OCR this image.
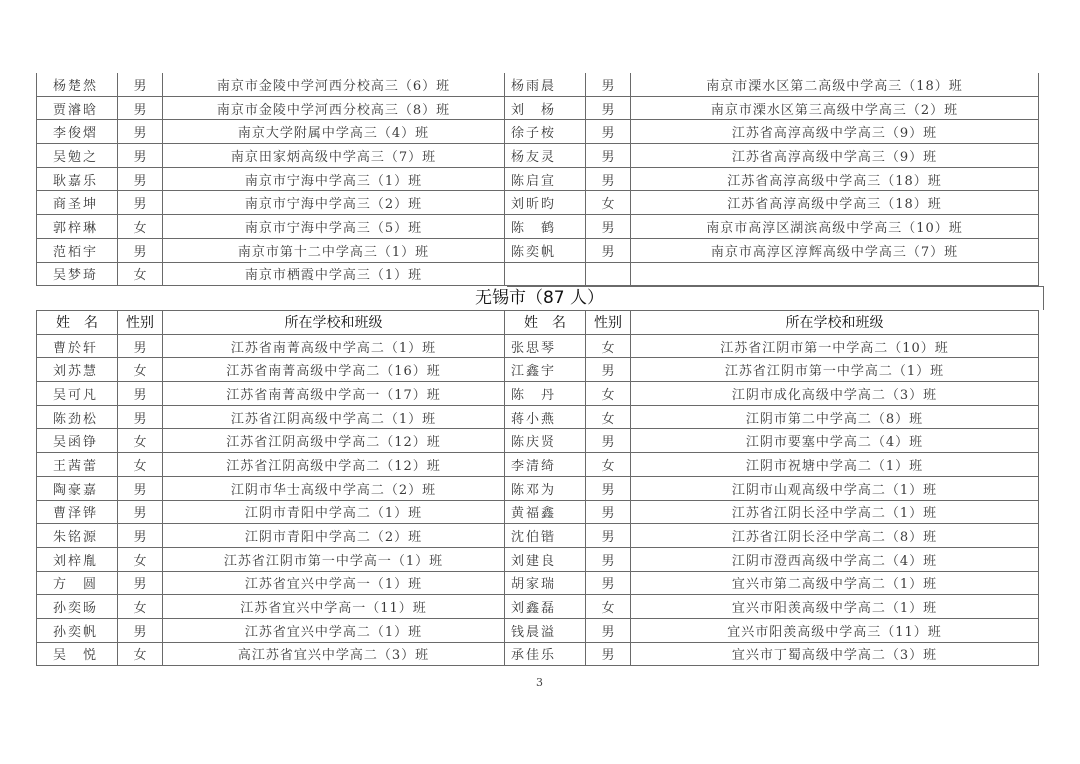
杨楚然	男	南京市金陵中学河西分校高三（6）班	杨雨晨	男	南京市溧水区第二高级中学高三（18）班
贾濬晗	男	南京市金陵中学河西分校高三（8）班	刘　杨	男	南京市溧水区第三高级中学高三（2）班
李俊熠	男	南京大学附属中学高三（4）班	徐子桉	男	江苏省高淳高级中学高三（9）班
吴勉之	男	南京田家炳高级中学高三（7）班	杨友灵	男	江苏省高淳高级中学高三（9）班
耿嘉乐	男	南京市宁海中学高三（1）班	陈启宣	男	江苏省高淳高级中学高三（18）班
商圣坤	男	南京市宁海中学高三（2）班	刘昕昀	女	江苏省高淳高级中学高三（18）班
郭梓琳	女	南京市宁海中学高三（5）班	陈　鹤	男	南京市高淳区湖滨高级中学高三（10）班
范栢宇	男	南京市第十二中学高三（1）班	陈奕帆	男	南京市高淳区淳辉高级中学高三（7）班
吴梦琦	女	南京市栖霞中学高三（1）班			
无锡市（87 人）
姓　名	性别	所在学校和班级	姓　名	性别	所在学校和班级
曹於轩	男	江苏省南菁高级中学高二（1）班	张思琴	女	江苏省江阴市第一中学高二（10）班
刘苏慧	女	江苏省南菁高级中学高二（16）班	江鑫宇	男	江苏省江阴市第一中学高二（1）班
吴可凡	男	江苏省南菁高级中学高一（17）班	陈　丹	女	江阴市成化高级中学高二（3）班
陈劲松	男	江苏省江阴高级中学高二（1）班	蒋小燕	女	江阴市第二中学高二（8）班
吴函铮	女	江苏省江阴高级中学高二（12）班	陈庆贤	男	江阴市要塞中学高二（4）班
王茜蕾	女	江苏省江阴高级中学高二（12）班	李清绮	女	江阴市祝塘中学高二（1）班
陶豪嘉	男	江阴市华士高级中学高二（2）班	陈邓为	男	江阴市山观高级中学高二（1）班
曹泽铧	男	江阴市青阳中学高二（1）班	黄福鑫	男	江苏省江阴长泾中学高二（1）班
朱铭源	男	江阴市青阳中学高二（2）班	沈伯锴	男	江苏省江阴长泾中学高二（8）班
刘梓胤	女	江苏省江阴市第一中学高一（1）班	刘建良	男	江阴市澄西高级中学高二（4）班
方　圆	男	江苏省宜兴中学高一（1）班	胡家瑞	男	宜兴市第二高级中学高二（1）班
孙奕旸	女	江苏省宜兴中学高一（11）班	刘鑫磊	女	宜兴市阳羡高级中学高二（1）班
孙奕帆	男	江苏省宜兴中学高二（1）班	钱晨溢	男	宜兴市阳羡高级中学高三（11）班
吴　悦	女	高江苏省宜兴中学高二（3）班	承佳乐	男	宜兴市丁蜀高级中学高二（3）班
3
